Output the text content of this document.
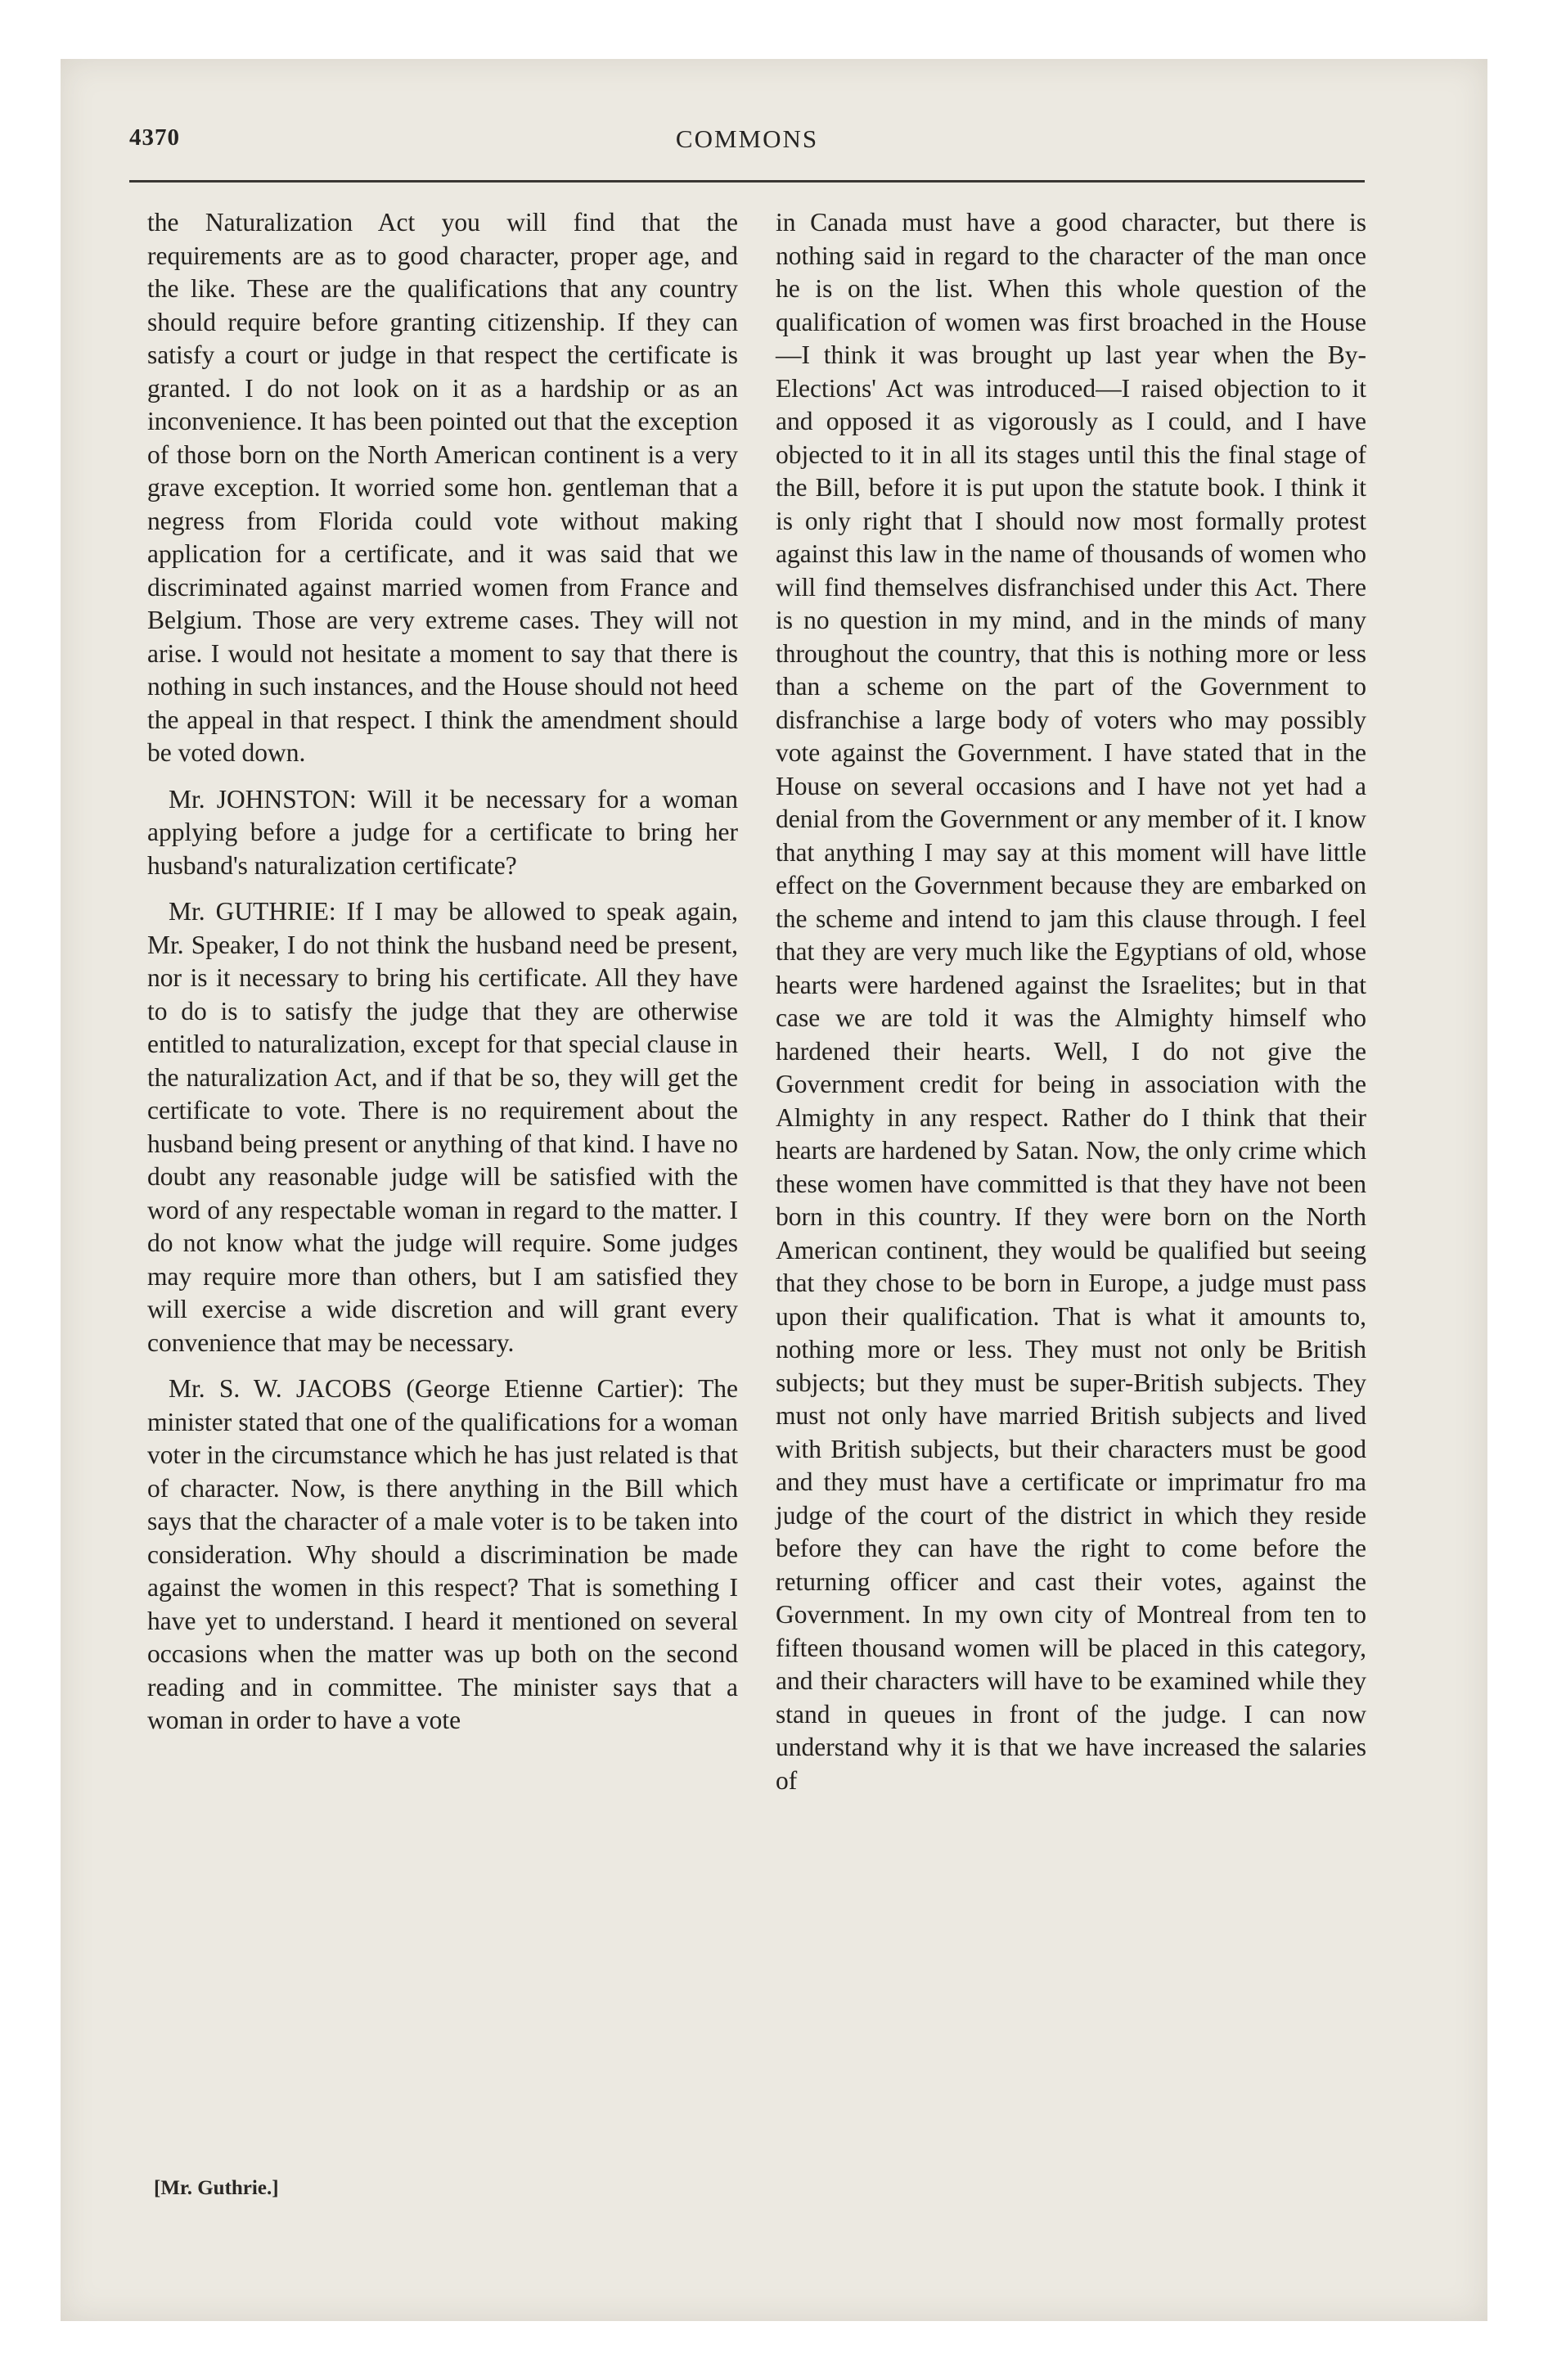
4370	COMMONS

the Naturalization Act you will find that the requirements are as to good character, proper age, and the like. These are the qualifications that any country should require before granting citizenship. If they can satisfy a court or judge in that respect the certificate is granted. I do not look on it as a hardship or as an inconvenience. It has been pointed out that the exception of those born on the North American continent is a very grave exception. It worried some hon. gentleman that a negress from Florida could vote without making application for a certificate, and it was said that we discriminated against married women from France and Belgium. Those are very extreme cases. They will not arise. I would not hesitate a moment to say that there is nothing in such instances, and the House should not heed the appeal in that respect. I think the amendment should be voted down.

Mr. JOHNSTON: Will it be necessary for a woman applying before a judge for a certificate to bring her husband's naturalization certificate?

Mr. GUTHRIE: If I may be allowed to speak again, Mr. Speaker, I do not think the husband need be present, nor is it necessary to bring his certificate. All they have to do is to satisfy the judge that they are otherwise entitled to naturalization, except for that special clause in the naturalization Act, and if that be so, they will get the certificate to vote. There is no requirement about the husband being present or anything of that kind. I have no doubt any reasonable judge will be satisfied with the word of any respectable woman in regard to the matter. I do not know what the judge will require. Some judges may require more than others, but I am satisfied they will exercise a wide discretion and will grant every convenience that may be necessary.

Mr. S. W. JACOBS (George Etienne Cartier): The minister stated that one of the qualifications for a woman voter in the circumstance which he has just related is that of character. Now, is there anything in the Bill which says that the character of a male voter is to be taken into consideration. Why should a discrimination be made against the women in this respect? That is something I have yet to understand. I heard it mentioned on several occasions when the matter was up both on the second reading and in committee. The minister says that a woman in order to have a vote

in Canada must have a good character, but there is nothing said in regard to the character of the man once he is on the list. When this whole question of the qualification of women was first broached in the House—I think it was brought up last year when the By-Elections' Act was introduced—I raised objection to it and opposed it as vigorously as I could, and I have objected to it in all its stages until this the final stage of the Bill, before it is put upon the statute book. I think it is only right that I should now most formally protest against this law in the name of thousands of women who will find themselves disfranchised under this Act. There is no question in my mind, and in the minds of many throughout the country, that this is nothing more or less than a scheme on the part of the Government to disfranchise a large body of voters who may possibly vote against the Government. I have stated that in the House on several occasions and I have not yet had a denial from the Government or any member of it. I know that anything I may say at this moment will have little effect on the Government because they are embarked on the scheme and intend to jam this clause through. I feel that they are very much like the Egyptians of old, whose hearts were hardened against the Israelites; but in that case we are told it was the Almighty himself who hardened their hearts. Well, I do not give the Government credit for being in association with the Almighty in any respect. Rather do I think that their hearts are hardened by Satan. Now, the only crime which these women have committed is that they have not been born in this country. If they were born on the North American continent, they would be qualified but seeing that they chose to be born in Europe, a judge must pass upon their qualification. That is what it amounts to, nothing more or less. They must not only be British subjects; but they must be super-British subjects. They must not only have married British subjects and lived with British subjects, but their characters must be good and they must have a certificate or imprimatur fro ma judge of the court of the district in which they reside before they can have the right to come before the returning officer and cast their votes, against the Government. In my own city of Montreal from ten to fifteen thousand women will be placed in this category, and their characters will have to be examined while they stand in queues in front of the judge. I can now understand why it is that we have increased the salaries of

[Mr. Guthrie.]
